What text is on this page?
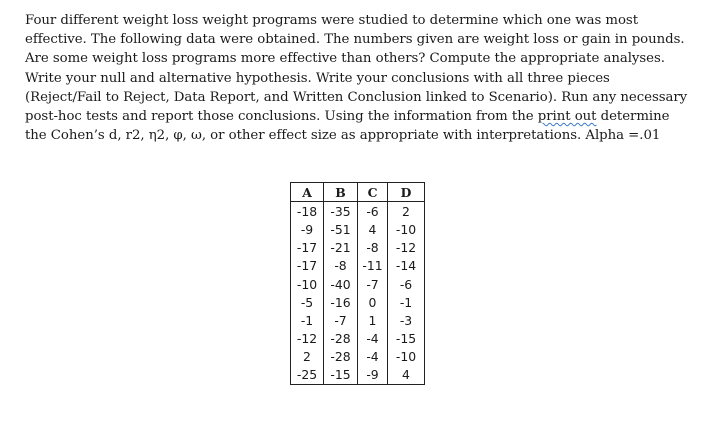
Four different weight loss weight programs were studied to determine which one was most
effective. The following data were obtained. The numbers given are weight loss or gain in pounds.
Are some weight loss programs more effective than others? Compute the appropriate analyses.
Write your null and alternative hypothesis. Write your conclusions with all three pieces
(Reject/Fail to Reject, Data Report, and Written Conclusion linked to Scenario). Run any necessary
post-hoc tests and report those conclusions. Using the information from the print out determine
the Cohen’s d, r2, η2, φ, ω, or other effect size as appropriate with interpretations. Alpha =.01
A	B	C	D
-18	-35	-6	2
-9	-51	4	-10
-17	-21	-8	-12
-17	-8	-11	-14
-10	-40	-7	-6
-5	-16	0	-1
-1	-7	1	-3
-12	-28	-4	-15
2	-28	-4	-10
-25	-15	-9	4
